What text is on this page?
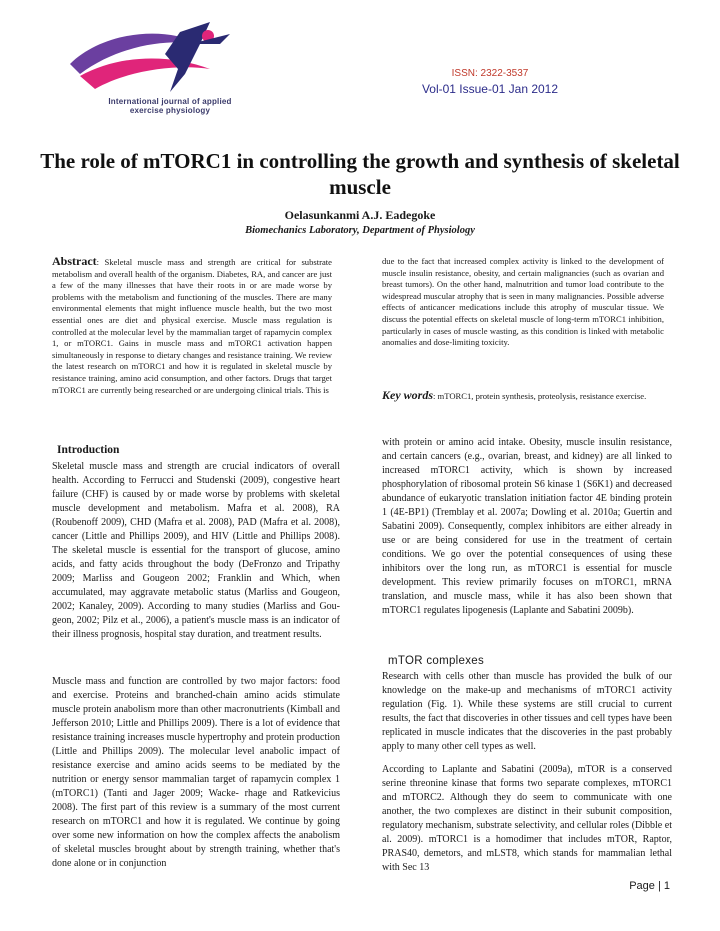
International journal of applied
exercise physiology
ISSN: 2322-3537
Vol-01 Issue-01 Jan 2012
The role of mTORC1 in controlling the growth and synthesis of skeletal muscle
Oelasunkanmi A.J. Eadegoke
Biomechanics Laboratory, Department of Physiology

Abstract: Skeletal muscle mass and strength are critical for substrate metabolism and overall health of the organism. Diabetes, RA, and cancer are just a few of the many illnesses that have their roots in or are made worse by problems with the metabolism and functioning of the muscles. There are many environmental elements that might influence muscle health, but the two most essential ones are diet and physical exercise. Muscle mass regulation is controlled at the molecular level by the mammalian target of rapamycin complex 1, or mTORC1. Gains in muscle mass and mTORC1 activation happen simultaneously in response to dietary changes and resistance training. We review the latest research on mTORC1 and how it is regulated in skeletal muscle by resistance training, amino acid consumption, and other factors. Drugs that target mTORC1 are currently being researched or are undergoing clinical trials. This is

due to the fact that increased complex activity is linked to the development of muscle insulin resistance, obesity, and certain malignancies (such as ovarian and breast tumors). On the other hand, malnutrition and tumor load contribute to the widespread muscular atrophy that is seen in many malignancies. Possible adverse effects of anticancer medications include this atrophy of muscular tissue. We discuss the potential effects on skeletal muscle of long-term mTORC1 inhibition, particularly in cases of muscle wasting, as this condition is linked with metabolic anomalies and dose-limiting toxicity.

Key words: mTORC1, protein synthesis, proteolysis, resistance exercise.

Introduction
Skeletal muscle mass and strength are crucial indicators of overall health. According to Ferrucci and Studenski (2009), congestive heart failure (CHF) is caused by or made worse by problems with skeletal muscle development and metabolism. Mafra et al. 2008), RA (Roubenoff 2009), CHD (Mafra et al. 2008), PAD (Mafra et al. 2008), cancer (Little and Phillips 2009), and HIV (Little and Phillips 2008). The skeletal muscle is essential for the transport of glucose, amino acids, and fatty acids throughout the body (DeFronzo and Tripathy 2009; Marliss and Gougeon 2002; Franklin and Which, when accumulated, may aggravate metabolic status (Marliss and Gougeon, 2002; Kanaley, 2009). According to many studies (Marliss and Gou-geon, 2002; Pilz et al., 2006), a patient's muscle mass is an indicator of their illness prognosis, hospital stay duration, and treatment results.
Muscle mass and function are controlled by two major factors: food and exercise. Proteins and branched-chain amino acids stimulate muscle protein anabolism more than other macronutrients (Kimball and Jefferson 2010; Little and Phillips 2009). There is a lot of evidence that resistance training increases muscle hypertrophy and protein production (Little and Phillips 2009). The molecular level anabolic impact of resistance exercise and amino acids seems to be mediated by the nutrition or energy sensor mammalian target of rapamycin complex 1 (mTORC1) (Tanti and Jager 2009; Wacke- rhage and Ratkevicius 2008). The first part of this review is a summary of the most current research on mTORC1 and how it is regulated. We continue by going over some new information on how the complex affects the anabolism of skeletal muscles brought about by strength training, whether that's done alone or in conjunction
with protein or amino acid intake. Obesity, muscle insulin resistance, and certain cancers (e.g., ovarian, breast, and kidney) are all linked to increased mTORC1 activity, which is shown by increased phosphorylation of ribosomal protein S6 kinase 1 (S6K1) and decreased abundance of eukaryotic translation initiation factor 4E binding protein 1 (4E-BP1) (Tremblay et al. 2007a; Dowling et al. 2010a; Guertin and Sabatini 2009). Consequently, complex inhibitors are either already in use or are being considered for use in the treatment of certain conditions. We go over the potential consequences of using these inhibitors over the long run, as mTORC1 is essential for muscle development. This review primarily focuses on mTORC1, mRNA translation, and muscle mass, while it has also been shown that mTORC1 regulates lipogenesis (Laplante and Sabatini 2009b).
mTOR complexes
Research with cells other than muscle has provided the bulk of our knowledge on the make-up and mechanisms of mTORC1 activity regulation (Fig. 1). While these systems are still crucial to current results, the fact that discoveries in other tissues and cell types have been replicated in muscle indicates that the discoveries in the past probably apply to many other cell types as well.
According to Laplante and Sabatini (2009a), mTOR is a conserved serine threonine kinase that forms two separate complexes, mTORC1 and mTORC2. Although they do seem to communicate with one another, the two complexes are distinct in their subunit composition, regulatory mechanism, substrate selectivity, and cellular roles (Dibble et al. 2009). mTORC1 is a homodimer that includes mTOR, Raptor, PRAS40, demetors, and mLST8, which stands for mammalian lethal with Sec 13
Page | 1
